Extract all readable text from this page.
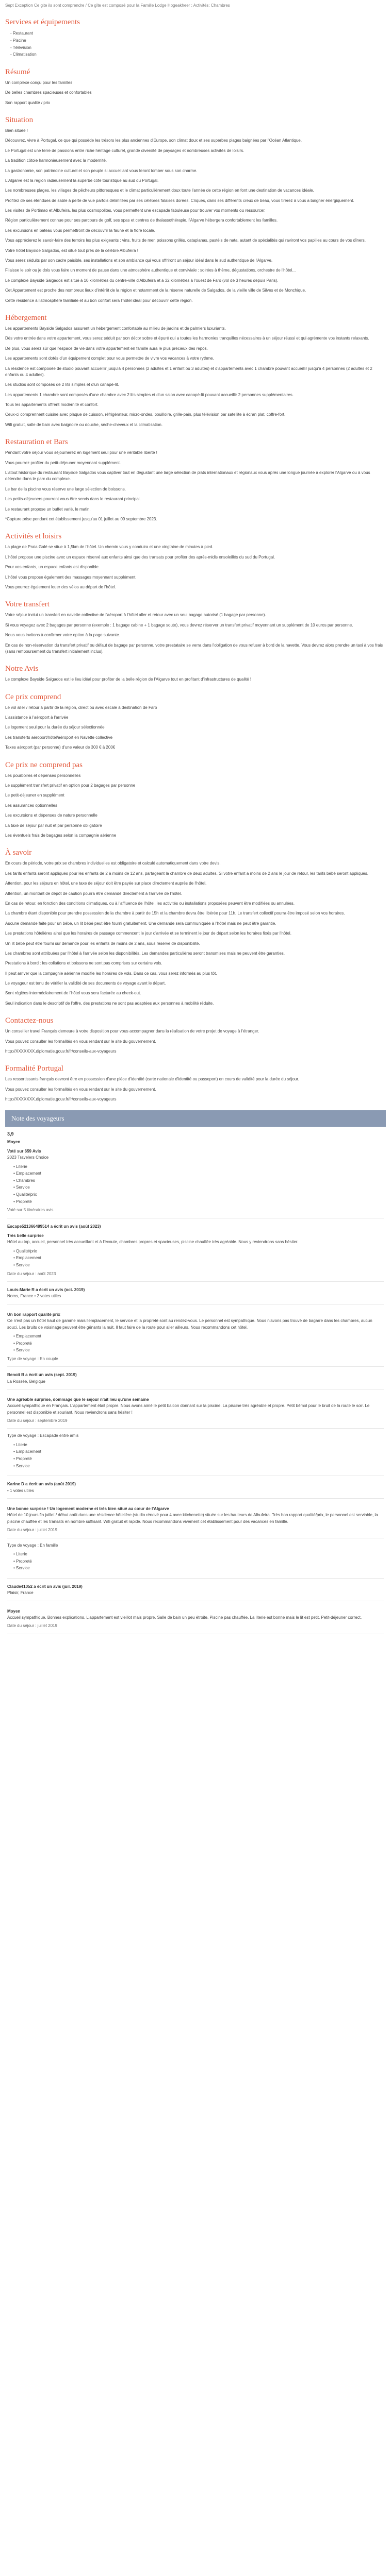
Sept Exception Ce gite ils sont comprendre / Ce gîte est composé pour la Famille Lodge Hogeakheer : Activités: Chambres
Services et équipements
- Restaurant
- Piscine
- Télévision
- Climatisation
Résumé

Un complexe conçu pour les familles

De belles chambres spacieuses et confortables

Son rapport qualité / prix

Situation

Bien située !

Découvrez, vivre à Portugal, ce que qui possède les trésors les plus anciennes d'Europe, son climat doux et ses superbes plages baignées par l'Océan Atlantique.

Le Portugal est une terre de passions entre riche héritage culturel, grande diversité de paysages et nombreuses activités de loisirs.

La tradition côtoie harmonieusement avec la modernité.

La gastronomie, son patrimoine culturel et son peuple si accueillant vous feront tomber sous son charme.

L'Algarve est la région radieusement la superbe côte touristique au sud du Portugal.

Les nombreuses plages, les villages de pêcheurs pittoresques et le climat particulièrement doux toute l'année de cette région en font une destination de vacances idéale.

Profitez de ses étendues de sable à perte de vue parfois délimitées par ses célèbres falaises dorées. Criques, dans ses différents creux de beau, vous tirerez à vous a baigner énergiquement.

Les visites de Portimao et Albufeira, les plus cosmopolites, vous permettent une escapade fabuleuse pour trouver vos moments ou ressourcer.

Région particulièrement connue pour ses parcours de golf, ses spas et centres de thalassothérapie, l'Algarve hébergera confortablement les familles.

Les excursions en bateau vous permettront de découvrir la faune et la flore locale.

Vous apprécierez le savoir-faire des terroirs les plus exigeants : vins, fruits de mer, poissons grillés, cataplanas, pastéis de nata, autant de spécialités qui raviront vos papilles au cours de vos dîners.

Votre hôtel Bayside Salgados, est situé tout près de la célèbre Albufeira !

Vous serez séduits par son cadre paisible, ses installations et son ambiance qui vous offriront un séjour idéal dans le sud authentique de l'Algarve.

Filaisse le soir ou je dois vous faire un moment de pause dans une atmosphère authentique et conviviale : soirées à thème, dégustations, orchestre de l'hôtel...

Le complexe Bayside Salgados est situé à 10 kilomètres du centre-ville d'Albufeira et à 32 kilomètres à l'ouest de Faro (vol de 3 heures depuis Paris).

Cet Appartement est proche des nombreux lieux d'intérêt de la région et notamment de la réserve naturelle de Salgados, de la vieille ville de Silves et de Monchique.

Cette résidence à l'atmosphère familiale et au bon confort sera l'hôtel idéal pour découvrir cette région.

Hébergement

Les appartements Bayside Salgados assurent un hébergement confortable au milieu de jardins et de palmiers luxuriants.

Dès votre entrée dans votre appartement, vous serez séduit par son décor sobre et épuré qui a toutes les harmonies tranquilles nécessaires à un séjour réussi et qui agrémente vos instants relaxants.

De plus, vous serez sûr que l'espace de vie dans votre appartement en famille aura le plus précieux des repos.

Les appartements sont dotés d'un équipement complet pour vous permettre de vivre vos vacances à votre rythme.

La résidence est composée de studio pouvant accueillir jusqu'à 4 personnes (2 adultes et 1 enfant ou 3 adultes) et d'appartements avec 1 chambre pouvant accueillir jusqu'à 4 personnes (2 adultes et 2 enfants ou 4 adultes).

Les studios sont composés de 2 lits simples et d'un canapé-lit.

Les appartements 1 chambre sont composés d'une chambre avec 2 lits simples et d'un salon avec canapé-lit pouvant accueillir 2 personnes supplémentaires.

Tous les appartements offrent modernité et confort.

Ceux-ci comprennent cuisine avec plaque de cuisson, réfrigérateur, micro-ondes, bouilloire, grille-pain, plus télévision par satellite à écran plat, coffre-fort.

Wifi gratuit, salle de bain avec baignoire ou douche, sèche-cheveux et la climatisation.

Restauration et Bars

Pendant votre séjour vous séjournerez en logement seul pour une véritable liberté !

Vous pourrez profiter du petit-déjeuner moyennant supplément.

L'atout historique du restaurant Bayside Salgados vous captiver tout en dégustant une large sélection de plats internationaux et régionaux vous après une longue journée à explorer l'Algarve ou à vous détendre dans le parc du complexe.

Le bar de la piscine vous réserve une large sélection de boissons.

Les petits-déjeuners pourront vous être servis dans le restaurant principal.

Le restaurant propose un buffet varié, le matin.

*Capture prise pendant cet établissement jusqu'au 01 juillet au 09 septembre 2023.

Activités et loisirs

La plage de Praia Galé se situe à 1,5km de l'hôtel. Un chemin vous y conduira et une vingtaine de minutes à pied.

L'hôtel propose une piscine avec un espace réservé aux enfants ainsi que des transats pour profiter des après-midis ensoleillés du sud du Portugal.

Pour vos enfants, un espace enfants est disponible.

L'hôtel vous propose également des massages moyennant supplément.

Vous pourrez également louer des vélos au départ de l'hôtel.

Votre transfert

Votre séjour inclut un transfert en navette collective de l'aéroport à l'hôtel aller et retour avec un seul bagage autorisé (1 bagage par personne).

Si vous voyagez avec 2 bagages par personne (exemple : 1 bagage cabine + 1 bagage soute), vous devrez réserver un transfert privatif moyennant un supplément de 10 euros par personne.

Nous vous invitons à confirmer votre option à la page suivante.

En cas de non-réservation du transfert privatif ou défaut de bagage par personne, votre prestataire se verra dans l'obligation de vous refuser à bord de la navette. Vous devrez alors prendre un taxi à vos frais (sans remboursement du transfert initialement inclus).

Notre Avis

Le complexe Bayside Salgados est le lieu idéal pour profiter de la belle région de l'Algarve tout en profitant d'infrastructures de qualité !

Ce prix comprend

Le vol aller / retour à partir de la région, direct ou avec escale à destination de Faro

L'assistance à l'aéroport à l'arrivée

Le logement seul pour la durée du séjour sélectionnée

Les transferts aéroport/hôtel/aéroport en Navette collective

Taxes aéroport (par personne) d'une valeur de 300 € à 200€

Ce prix ne comprend pas

Les pourboires et dépenses personnelles

Le supplément transfert privatif en option pour 2 bagages par personne

Le petit-déjeuner en supplément

Les assurances optionnelles

Les excursions et dépenses de nature personnelle

La taxe de séjour par nuit et par personne obligatoire

Les éventuels frais de bagages selon la compagnie aérienne

À savoir

En cours de période, votre prix se chambres individuelles est obligatoire et calculé automatiquement dans votre devis.

Les tarifs enfants seront appliqués pour les enfants de 2 à moins de 12 ans, partageant la chambre de deux adultes. Si votre enfant a moins de 2 ans le jour de retour, les tarifs bébé seront appliqués.

Attention, pour les séjours en hôtel, une taxe de séjour doit être payée sur place directement auprès de l'hôtel.

Attention, un montant de dépôt de caution pourra être demandé directement à l'arrivée de l'hôtel.

En cas de retour, en fonction des conditions climatiques, ou à l'affluence de l'hôtel, les activités ou installations proposées peuvent être modifiées ou annulées.

La chambre étant disponible pour prendre possession de la chambre à partir de 15h et la chambre devra être libérée pour 11h. Le transfert collectif pourra être imposé selon vos horaires.

Aucune demande faite pour un bébé, un lit bébé peut être fourni gratuitement. Une demande sera communiquée à l'hôtel mais ne peut être garantie.

Les prestations hôtelières ainsi que les horaires de passage commencent le jour d'arrivée et se terminent le jour de départ selon les horaires fixés par l'hôtel.

Un lit bébé peut être fourni sur demande pour les enfants de moins de 2 ans, sous réserve de disponibilité.

Les chambres sont attribuées par l'hôtel à l'arrivée selon les disponibilités. Les demandes particulières seront transmises mais ne peuvent être garanties.

Prestations à bord : les collations et boissons ne sont pas comprises sur certains vols.

Il peut arriver que la compagnie aérienne modifie les horaires de vols. Dans ce cas, vous serez informés au plus tôt.

Le voyageur est tenu de vérifier la validité de ses documents de voyage avant le départ.

Sont réglées intermédiairement de l'hôtel vous sera facturée au check-out.

Seul indication dans le descriptif de l'offre, des prestations ne sont pas adaptées aux personnes à mobilité réduite.

Contactez-nous

Un conseiller travel Français demeure à votre disposition pour vous accompagner dans la réalisation de votre projet de voyage à l'étranger.

Vous pouvez consulter les formalités en vous rendant sur le site du gouvernement.

http://XXXXXXX.diplomatie.gouv.fr/fr/conseils-aux-voyageurs

Formalité Portugal

Les ressortissants français devront être en possession d'une pièce d'identité (carte nationale d'identité ou passeport) en cours de validité pour la durée du séjour.

Vous pouvez consulter les formalités en vous rendant sur le site du gouvernement.

http://XXXXXXX.diplomatie.gouv.fr/fr/conseils-aux-voyageurs

Note des voyageurs
3,9
Moyen
Voté sur 659 Avis
2023 Travelers Choice
• Literie
• Emplacement
• Chambres
• Service
• Qualité/prix
• Propreté
Voté sur 5 itinéraires avis
Escape521366489514 a écrit un avis (août 2023)
Très belle surprise
Hôtel au top, accueil, personnel très accueillant et à l'écoute, chambres propres et spacieuses, piscine chauffée très agréable. Nous y reviendrons sans hésiter.
• Qualité/prix
• Emplacement
• Service
Date du séjour : août 2023
Louis-Marie R a écrit un avis (oct. 2019)
Noms, France • 2 votes utiles
Un bon rapport qualité prix
Ce n'est pas un hôtel haut de gamme mais l'emplacement, le service et la propreté sont au rendez-vous. Le personnel est sympathique. Nous n'avons pas trouvé de bagarre dans les chambres, aucun souci. Les bruits de voisinage peuvent être gênants la nuit. Il faut faire de la route pour aller ailleurs. Nous recommandons cet hôtel.
• Emplacement
• Propreté
• Service
Type de voyage : En couple
Benoit B a écrit un avis (sept. 2019)
La Rossée, Belgique
Une agréable surprise, dommage que le séjour n'ait lieu qu'une semaine
Accueil sympathique en Français. L'appartement était propre. Nous avons aimé le petit balcon donnant sur la piscine. La piscine très agréable et propre. Petit bémol pour le bruit de la route le soir. Le personnel est disponible et souriant. Nous reviendrons sans hésiter !
Date du séjour : septembre 2019
Type de voyage : Escapade entre amis
• Literie
• Emplacement
• Propreté
• Service
Karine D a écrit un avis (août 2019)
• 1 votes utiles
Une bonne surprise ! Un logement moderne et très bien situé au cœur de l'Algarve
Hôtel de 10 jours fin juillet / début août dans une résidence hôtelière (studio rénové pour 4 avec kitchenette) située sur les hauteurs de Albufeira. Très bon rapport qualité/prix, le personnel est serviable, la piscine chauffée et les transats en nombre suffisant. Wifi gratuit et rapide. Nous recommandons vivement cet établissement pour des vacances en famille.
Date du séjour : juillet 2019
Type de voyage : En famille
• Literie
• Propreté
• Service
Claude41052 a écrit un avis (juil. 2019)
Plaisir, France
Moyen
Accueil sympathique. Bonnes explications. L'appartement est vieillot mais propre. Salle de bain un peu étroite. Piscine pas chauffée. La literie est bonne mais le lit est petit. Petit-déjeuner correct.
Date du séjour : juillet 2019
